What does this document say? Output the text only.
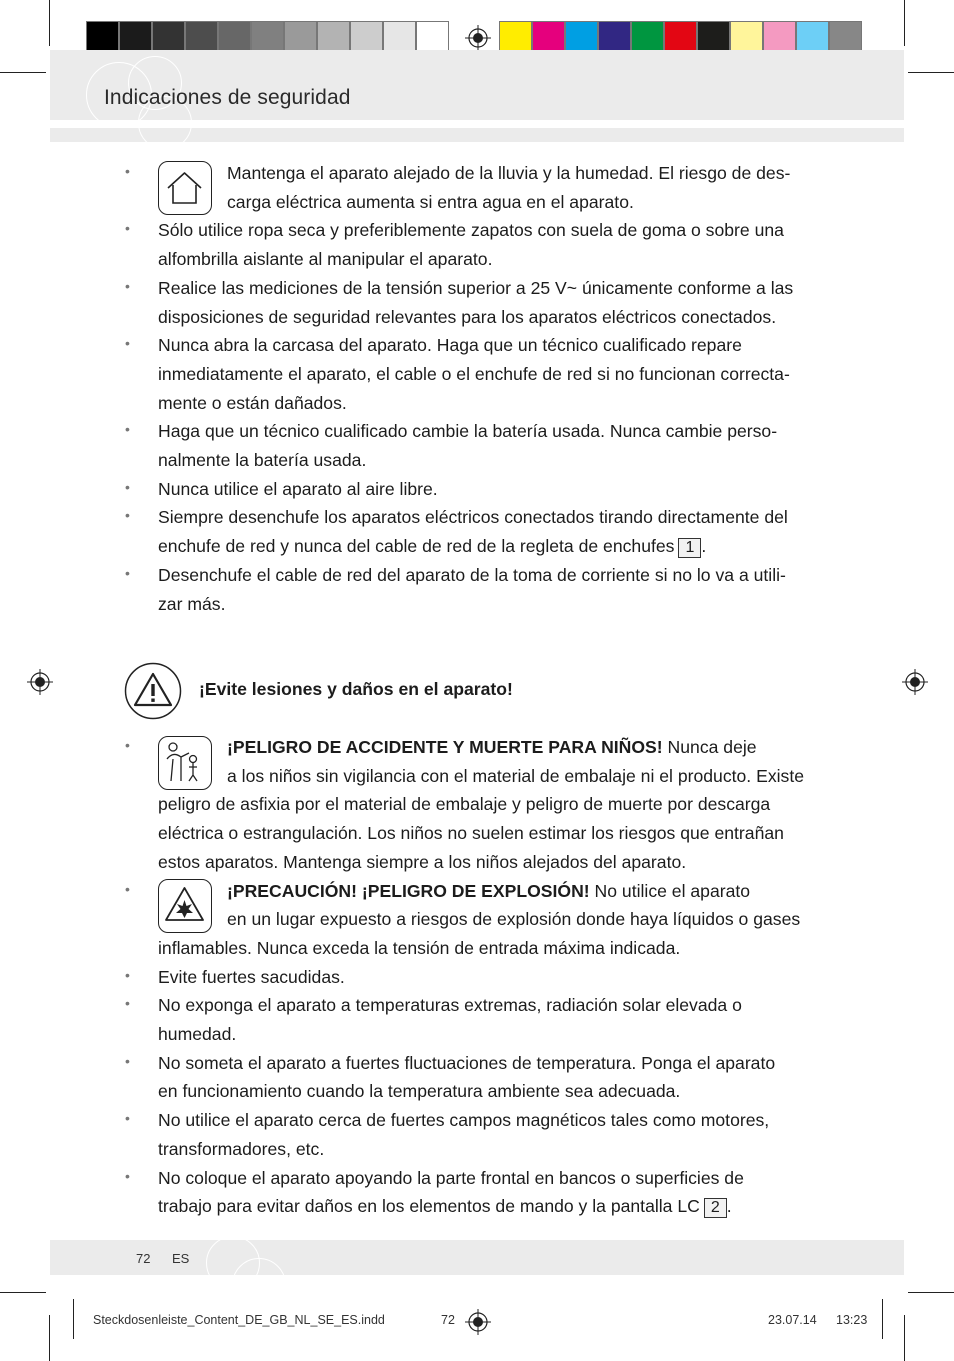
Indicaciones de seguridad
•	Mantenga el aparato alejado de la lluvia y la humedad. El riesgo de des-
carga eléctrica aumenta si entra agua en el aparato.
• Sólo utilice ropa seca y preferiblemente zapatos con suela de goma o sobre una
alfombrilla aislante al manipular el aparato.
• Realice las mediciones de la tensión superior a 25 V~ únicamente conforme a las
disposiciones de seguridad relevantes para los aparatos eléctricos conectados.
• Nunca abra la carcasa del aparato. Haga que un técnico cualificado repare
inmediatamente el aparato, el cable o el enchufe de red si no funcionan correcta-
mente o están dañados.
• Haga que un técnico cualificado cambie la batería usada. Nunca cambie perso-
nalmente la batería usada.
• Nunca utilice el aparato al aire libre.
• Siempre desenchufe los aparatos eléctricos conectados tirando directamente del
enchufe de red y nunca del cable de red de la regleta de enchufes 1 .
• Desenchufe el cable de red del aparato de la toma de corriente si no lo va a utili-
zar más.
¡Evite lesiones y daños en el aparato!
•	¡PELIGRO DE ACCIDENTE Y MUERTE PARA NIÑOS! Nunca deje
a los niños sin vigilancia con el material de embalaje ni el producto. Existe
peligro de asfixia por el material de embalaje y peligro de muerte por descarga
eléctrica o estrangulación. Los niños no suelen estimar los riesgos que entrañan
estos aparatos. Mantenga siempre a los niños alejados del aparato.
•	¡PRECAUCIÓN! ¡PELIGRO DE EXPLOSIÓN! No utilice el aparato
en un lugar expuesto a riesgos de explosión donde haya líquidos o gases
inflamables. Nunca exceda la tensión de entrada máxima indicada.
• Evite fuertes sacudidas.
• No exponga el aparato a temperaturas extremas, radiación solar elevada o
humedad.
• No someta el aparato a fuertes fluctuaciones de temperatura. Ponga el aparato
en funcionamiento cuando la temperatura ambiente sea adecuada.
• No utilice el aparato cerca de fuertes campos magnéticos tales como motores,
transformadores, etc.
• No coloque el aparato apoyando la parte frontal en bancos o superficies de
trabajo para evitar daños en los elementos de mando y la pantalla LC 2 .
72 ES
Steckdosenleiste_Content_DE_GB_NL_SE_ES.indd	72	23.07.14 13:23
